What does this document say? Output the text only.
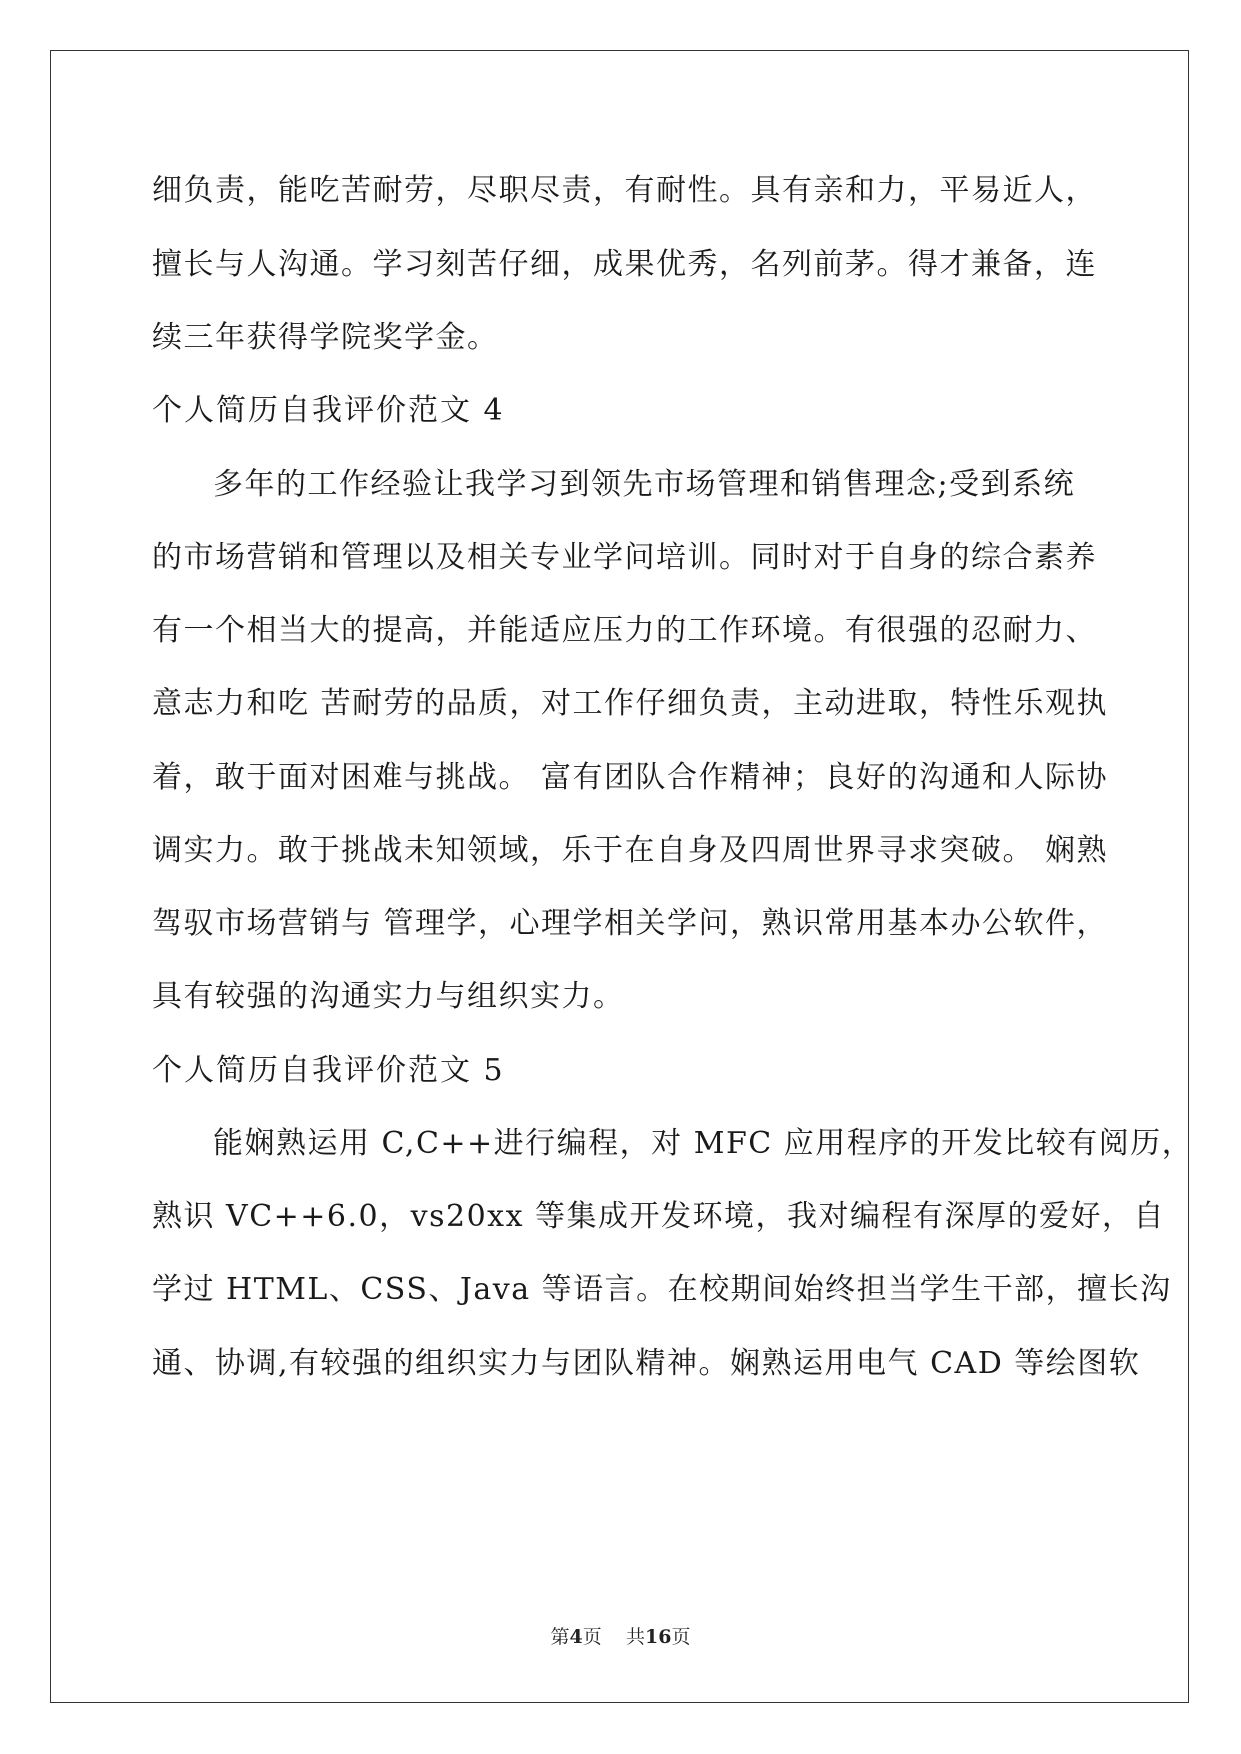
细负责，能吃苦耐劳，尽职尽责，有耐性。具有亲和力，平易近人，
擅长与人沟通。学习刻苦仔细，成果优秀，名列前茅。得才兼备，连
续三年获得学院奖学金。
个人简历自我评价范文 4
多年的工作经验让我学习到领先市场管理和销售理念;受到系统
的市场营销和管理以及相关专业学问培训。同时对于自身的综合素养
有一个相当大的提高，并能适应压力的工作环境。有很强的忍耐力、
意志力和吃 苦耐劳的品质，对工作仔细负责，主动进取，特性乐观执
着，敢于面对困难与挑战。 富有团队合作精神；良好的沟通和人际协
调实力。敢于挑战未知领域，乐于在自身及四周世界寻求突破。 娴熟
驾驭市场营销与 管理学，心理学相关学问，熟识常用基本办公软件，
具有较强的沟通实力与组织实力。
个人简历自我评价范文 5
能娴熟运用 C,C++进行编程，对 MFC 应用程序的开发比较有阅历，
熟识 VC++6.0，vs20xx 等集成开发环境，我对编程有深厚的爱好，自
学过 HTML、CSS、Java 等语言。在校期间始终担当学生干部，擅长沟
通、协调,有较强的组织实力与团队精神。娴熟运用电气 CAD 等绘图软
第4页 共16页
